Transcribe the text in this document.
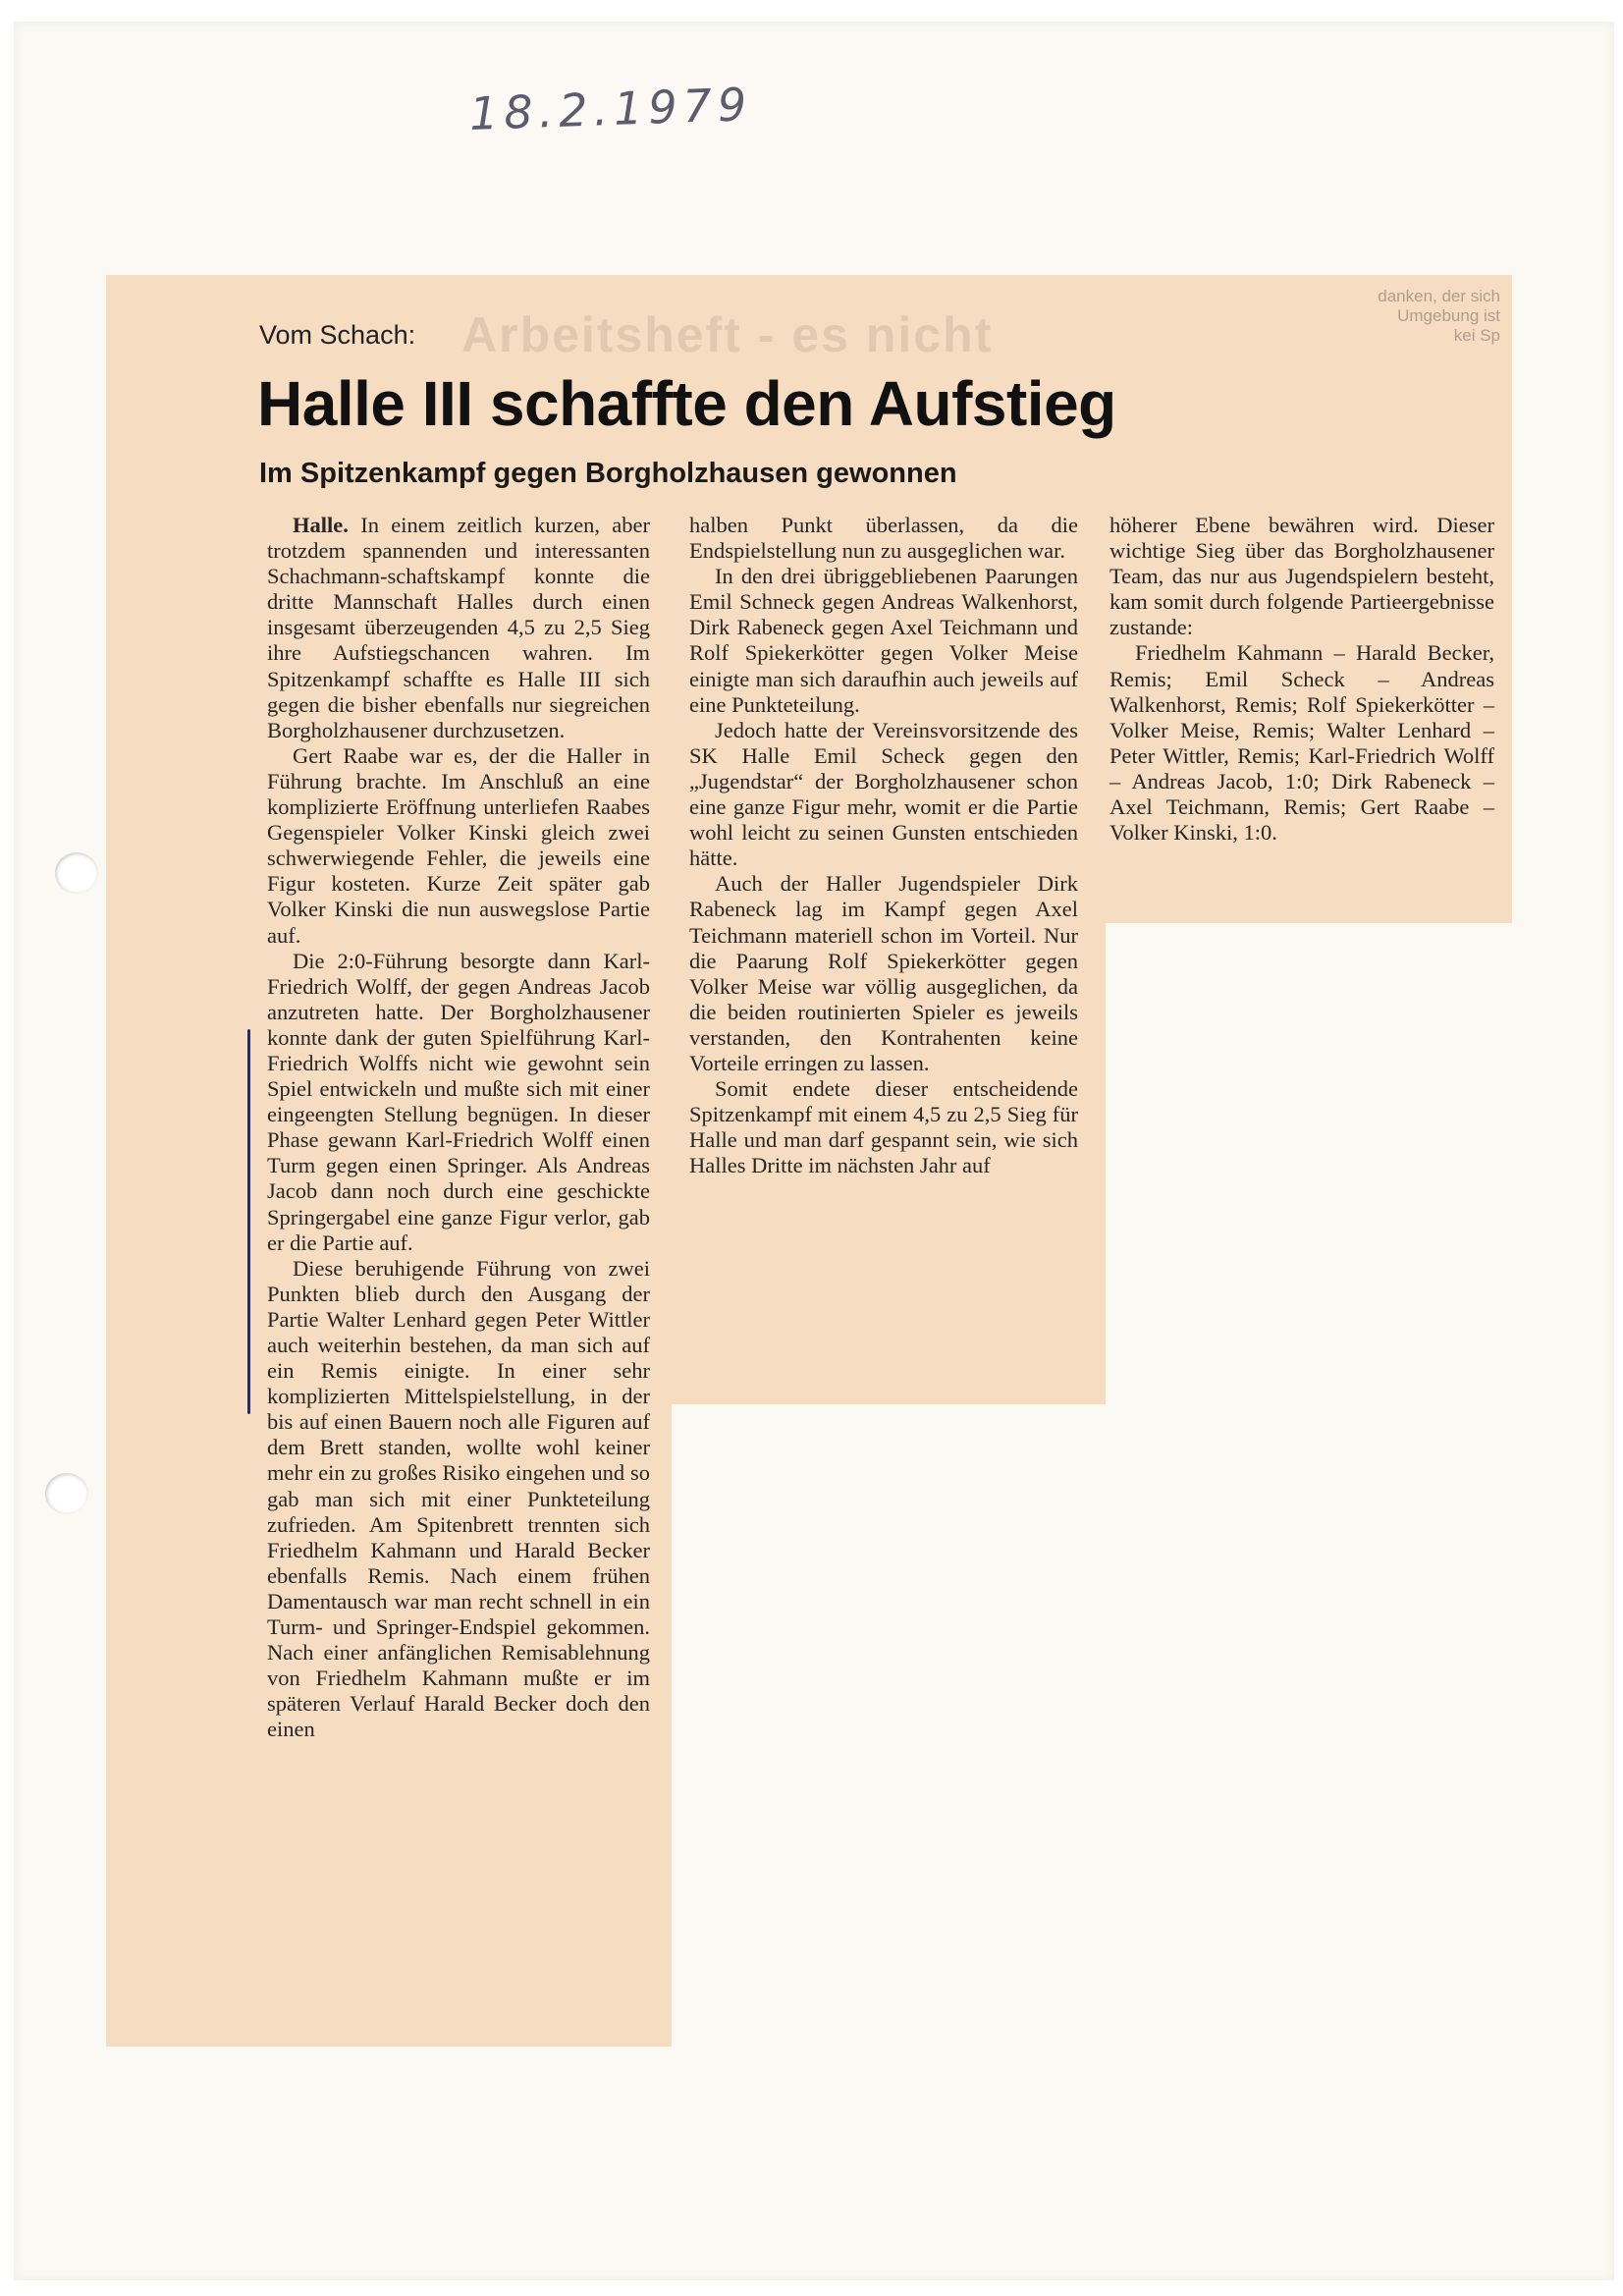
18.2.1979
Arbeitsheft - es nicht
danken, der sich
Umgebung ist
kei Sp
Vom Schach:
Halle III schaffte den Aufstieg
Im Spitzenkampf gegen Borgholzhausen gewonnen

Halle. In einem zeitlich kurzen, aber trotzdem spannenden und interessanten Schachmann-schaftskampf konnte die dritte Mannschaft Halles durch einen insgesamt überzeugenden 4,5 zu 2,5 Sieg ihre Aufstiegschancen wahren. Im Spitzenkampf schaffte es Halle III sich gegen die bisher ebenfalls nur siegreichen Borgholzhausener durchzusetzen.

Gert Raabe war es, der die Haller in Führung brachte. Im Anschluß an eine komplizierte Eröffnung unterliefen Raabes Gegenspieler Volker Kinski gleich zwei schwerwiegende Fehler, die jeweils eine Figur kosteten. Kurze Zeit später gab Volker Kinski die nun auswegslose Partie auf.

Die 2:0-Führung besorgte dann Karl-Friedrich Wolff, der gegen Andreas Jacob anzutreten hatte. Der Borgholzhausener konnte dank der guten Spielführung Karl-Friedrich Wolffs nicht wie gewohnt sein Spiel entwickeln und mußte sich mit einer eingeengten Stellung begnügen. In dieser Phase gewann Karl-Friedrich Wolff einen Turm gegen einen Springer. Als Andreas Jacob dann noch durch eine geschickte Springergabel eine ganze Figur verlor, gab er die Partie auf.

Diese beruhigende Führung von zwei Punkten blieb durch den Ausgang der Partie Walter Lenhard gegen Peter Wittler auch weiterhin bestehen, da man sich auf ein Remis einigte. In einer sehr komplizierten Mittelspielstellung, in der bis auf einen Bauern noch alle Figuren auf dem Brett standen, wollte wohl keiner mehr ein zu großes Risiko eingehen und so gab man sich mit einer Punkteteilung zufrieden. Am Spitenbrett trennten sich Friedhelm Kahmann und Harald Becker ebenfalls Remis. Nach einem frühen Damentausch war man recht schnell in ein Turm- und Springer-Endspiel gekommen. Nach einer anfänglichen Remisablehnung von Friedhelm Kahmann mußte er im späteren Verlauf Harald Becker doch den einen

halben Punkt überlassen, da die Endspielstellung nun zu ausgeglichen war.

In den drei übriggebliebenen Paarungen Emil Schneck gegen Andreas Walkenhorst, Dirk Rabeneck gegen Axel Teichmann und Rolf Spiekerkötter gegen Volker Meise einigte man sich daraufhin auch jeweils auf eine Punkteteilung.

Jedoch hatte der Vereinsvorsitzende des SK Halle Emil Scheck gegen den „Jugendstar“ der Borgholzhausener schon eine ganze Figur mehr, womit er die Partie wohl leicht zu seinen Gunsten entschieden hätte.

Auch der Haller Jugendspieler Dirk Rabeneck lag im Kampf gegen Axel Teichmann materiell schon im Vorteil. Nur die Paarung Rolf Spiekerkötter gegen Volker Meise war völlig ausgeglichen, da die beiden routinierten Spieler es jeweils verstanden, den Kontrahenten keine Vorteile erringen zu lassen.

Somit endete dieser entscheidende Spitzenkampf mit einem 4,5 zu 2,5 Sieg für Halle und man darf gespannt sein, wie sich Halles Dritte im nächsten Jahr auf

höherer Ebene bewähren wird. Dieser wichtige Sieg über das Borgholzhausener Team, das nur aus Jugendspielern besteht, kam somit durch folgende Partieergebnisse zustande:

Friedhelm Kahmann – Harald Becker, Remis; Emil Scheck – Andreas Walkenhorst, Remis; Rolf Spiekerkötter – Volker Meise, Remis; Walter Lenhard – Peter Wittler, Remis; Karl-Friedrich Wolff – Andreas Jacob, 1:0; Dirk Rabeneck – Axel Teichmann, Remis; Gert Raabe – Volker Kinski, 1:0.
